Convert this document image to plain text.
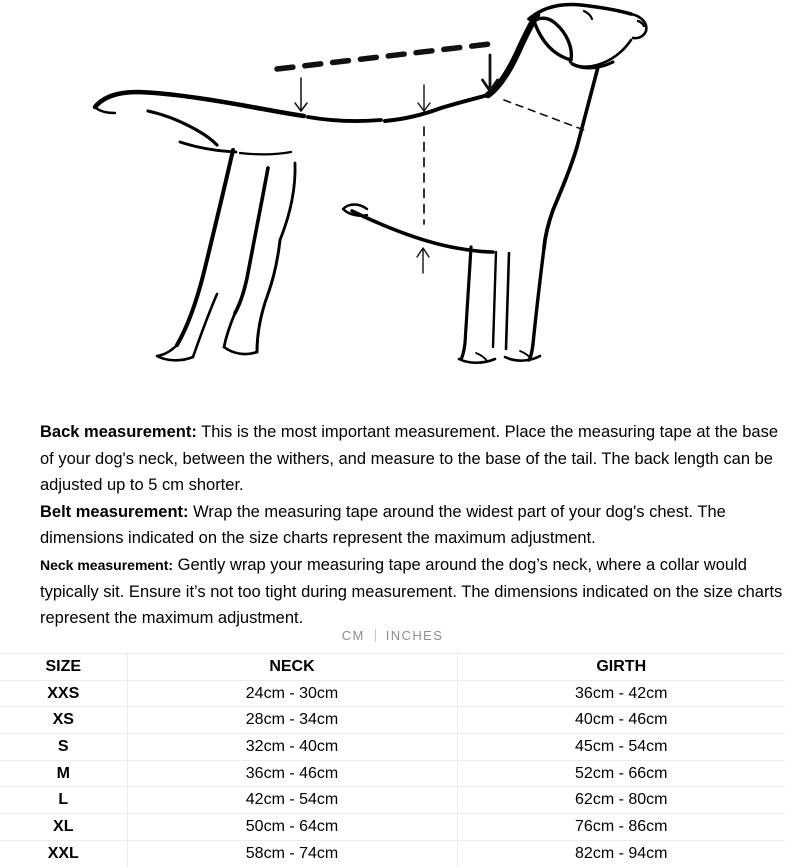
Back measurement: This is the most important measurement. Place the measuring tape at the base
of your dog's neck, between the withers, and measure to the base of the tail. The back length can be
adjusted up to 5 cm shorter.
Belt measurement: Wrap the measuring tape around the widest part of your dog's chest. The
dimensions indicated on the size charts represent the maximum adjustment.
Neck measurement: Gently wrap your measuring tape around the dog’s neck, where a collar would
typically sit. Ensure it’s not too tight during measurement. The dimensions indicated on the size charts
represent the maximum adjustment.
CM INCHES
SIZE	NECK	GIRTH
XXS	24cm - 30cm	36cm - 42cm
XS	28cm - 34cm	40cm - 46cm
S	32cm - 40cm	45cm - 54cm
M	36cm - 46cm	52cm - 66cm
L	42cm - 54cm	62cm - 80cm
XL	50cm - 64cm	76cm - 86cm
XXL	58cm - 74cm	82cm - 94cm
